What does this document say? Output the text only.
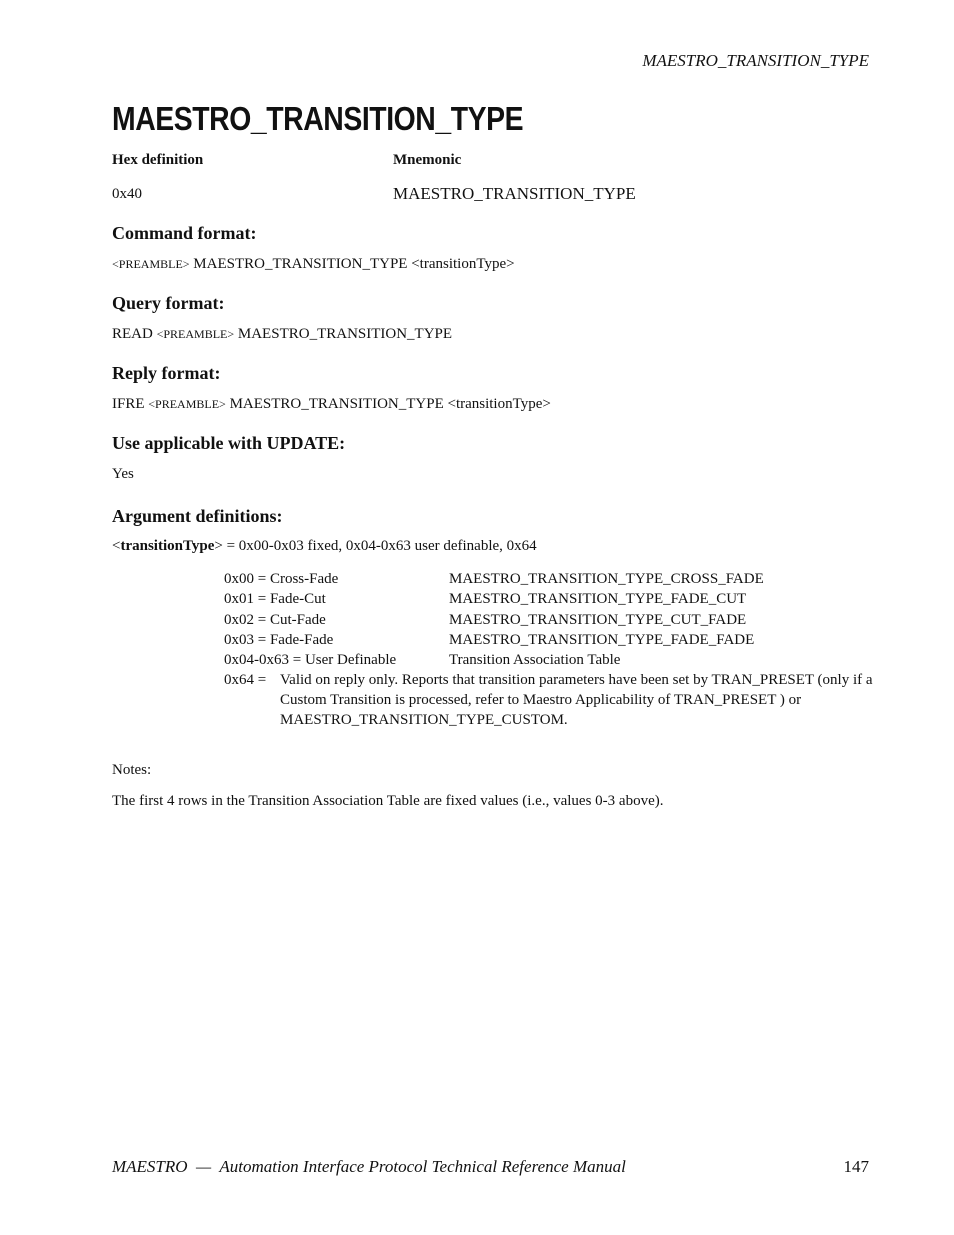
MAESTRO_TRANSITION_TYPE
MAESTRO_TRANSITION_TYPE
Hex definition	Mnemonic
0x40	MAESTRO_TRANSITION_TYPE
Command format:
<PREAMBLE> MAESTRO_TRANSITION_TYPE <transitionType>
Query format:
READ <PREAMBLE> MAESTRO_TRANSITION_TYPE
Reply format:
IFRE <PREAMBLE> MAESTRO_TRANSITION_TYPE <transitionType>
Use applicable with UPDATE:
Yes
Argument definitions:
<transitionType> = 0x00-0x03 fixed, 0x04-0x63 user definable, 0x64
0x00 = Cross-Fade	MAESTRO_TRANSITION_TYPE_CROSS_FADE
0x01 = Fade-Cut	MAESTRO_TRANSITION_TYPE_FADE_CUT
0x02 = Cut-Fade	MAESTRO_TRANSITION_TYPE_CUT_FADE
0x03 = Fade-Fade	MAESTRO_TRANSITION_TYPE_FADE_FADE
0x04-0x63 = User Definable	Transition Association Table
0x64 = Valid on reply only. Reports that transition parameters have been set by TRAN_PRESET (only if a Custom Transition is processed, refer to Maestro Applicability of TRAN_PRESET ) or MAESTRO_TRANSITION_TYPE_CUSTOM.
Notes:
The first 4 rows in the Transition Association Table are fixed values (i.e., values 0-3 above).
MAESTRO  —  Automation Interface Protocol Technical Reference Manual	147
